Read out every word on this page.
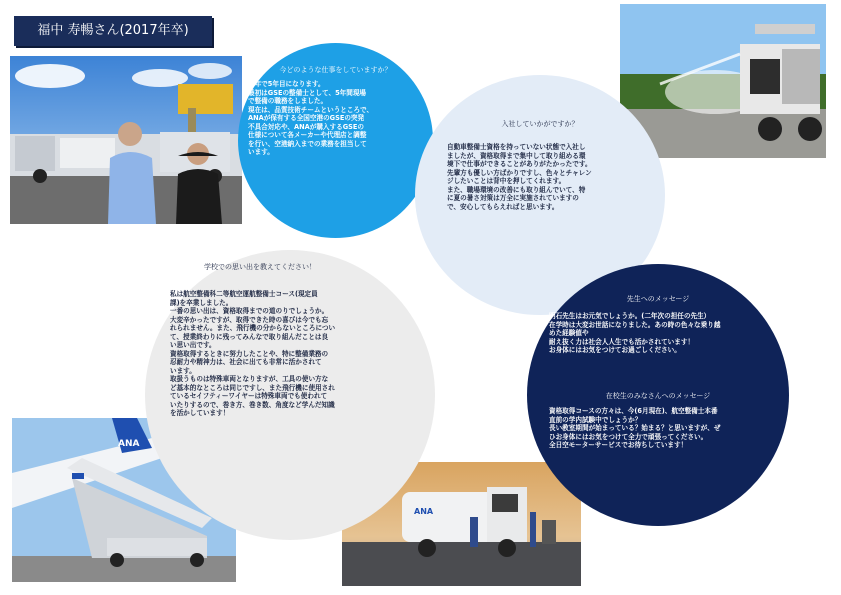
福中 寿暢さん(2017年卒)
ANA
ANA
今どのような仕事をしていますか？
今年で5年目になります。
最初はGSEの整備士として、5年間現場
で整備の職務をしました。
現在は、品質技術チームというところで、
ANAが保有する全国空港のGSEの突発
不具合対応や、ANAが購入するGSEの
仕様について各メーカーや代理店と調整
を行い、空港納入までの業務を担当して
います。
入社していかがですか？
自動車整備士資格を持っていない状態で入社し
ましたが、資格取得まで集中して取り組める環
境下で仕事ができることがありがたかったです。
先輩方も優しい方ばかりですし、色々とチャレン
ジしたいことは背中を押してくれます。
また、職場環境の改善にも取り組んでいて、特
に夏の暑さ対策は万全に実施されていますの
で、安心してもらえればと思います。
学校での思い出を教えてください！
私は航空整備科二等航空運航整備士コース(現定員
課)を卒業しました。
一番の思い出は、資格取得までの道のりでしょうか。
大変辛かったですが、取得できた時の喜びは今でも忘
れられません。また、飛行機の分からないところについ
て、授業終わりに残ってみんなで取り組んだことは良
い思い出です。
資格取得するときに努力したことや、特に整備業務の
忍耐力や精神力は、社会に出ても非常に活かされて
います。
取扱うものは特殊車両となりますが、工具の使い方な
ど基本的なところは同じですし、また飛行機に使用され
ているセイフティーワイヤーは特殊車両でも使われて
いたりするので、巻き方、巻き数、角度など学んだ知識
を活かしています！
先生へのメッセージ
明石先生はお元気でしょうか。(二年次の担任の先生）
在学時は大変お世話になりました。あの時の色々な乗り越
めた経験値や
耐え抜く力は社会人人生でも活かされています！
お身体にはお気をつけてお過ごしください。
在校生のみなさんへのメッセージ
資格取得コースの方々は、今(6月現在)、航空整備士本番
直前の学内試験中でしょうか？
長い教室期間が始まっている？始まる？と思いますが、ぜ
ひお身体にはお気をつけて全力で頑張ってください。
全日空モーターサービスでお待ちしています！
